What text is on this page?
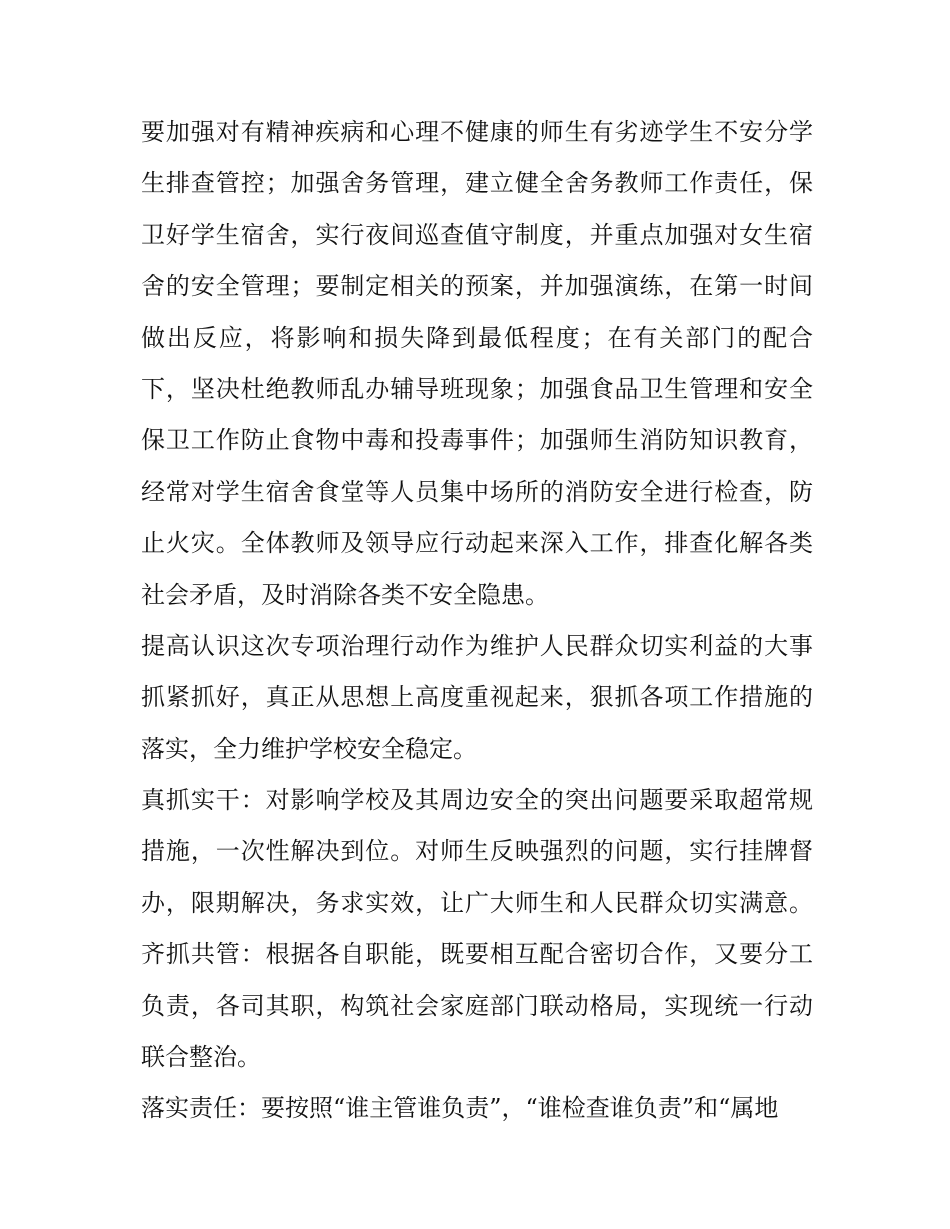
要加强对有精神疾病和心理不健康的师生有劣迹学生不安分学
生排查管控；加强舍务管理，建立健全舍务教师工作责任，保
卫好学生宿舍，实行夜间巡查值守制度，并重点加强对女生宿
舍的安全管理；要制定相关的预案，并加强演练，在第一时间
做出反应，将影响和损失降到最低程度；在有关部门的配合
下，坚决杜绝教师乱办辅导班现象；加强食品卫生管理和安全
保卫工作防止食物中毒和投毒事件；加强师生消防知识教育，
经常对学生宿舍食堂等人员集中场所的消防安全进行检查，防
止火灾。全体教师及领导应行动起来深入工作，排查化解各类
社会矛盾，及时消除各类不安全隐患。
提高认识这次专项治理行动作为维护人民群众切实利益的大事
抓紧抓好，真正从思想上高度重视起来，狠抓各项工作措施的
落实，全力维护学校安全稳定。
真抓实干：对影响学校及其周边安全的突出问题要采取超常规
措施，一次性解决到位。对师生反映强烈的问题，实行挂牌督
办，限期解决，务求实效，让广大师生和人民群众切实满意。
齐抓共管：根据各自职能，既要相互配合密切合作，又要分工
负责，各司其职，构筑社会家庭部门联动格局，实现统一行动
联合整治。
落实责任：要按照“谁主管谁负责”，“谁检查谁负责”和“属地
